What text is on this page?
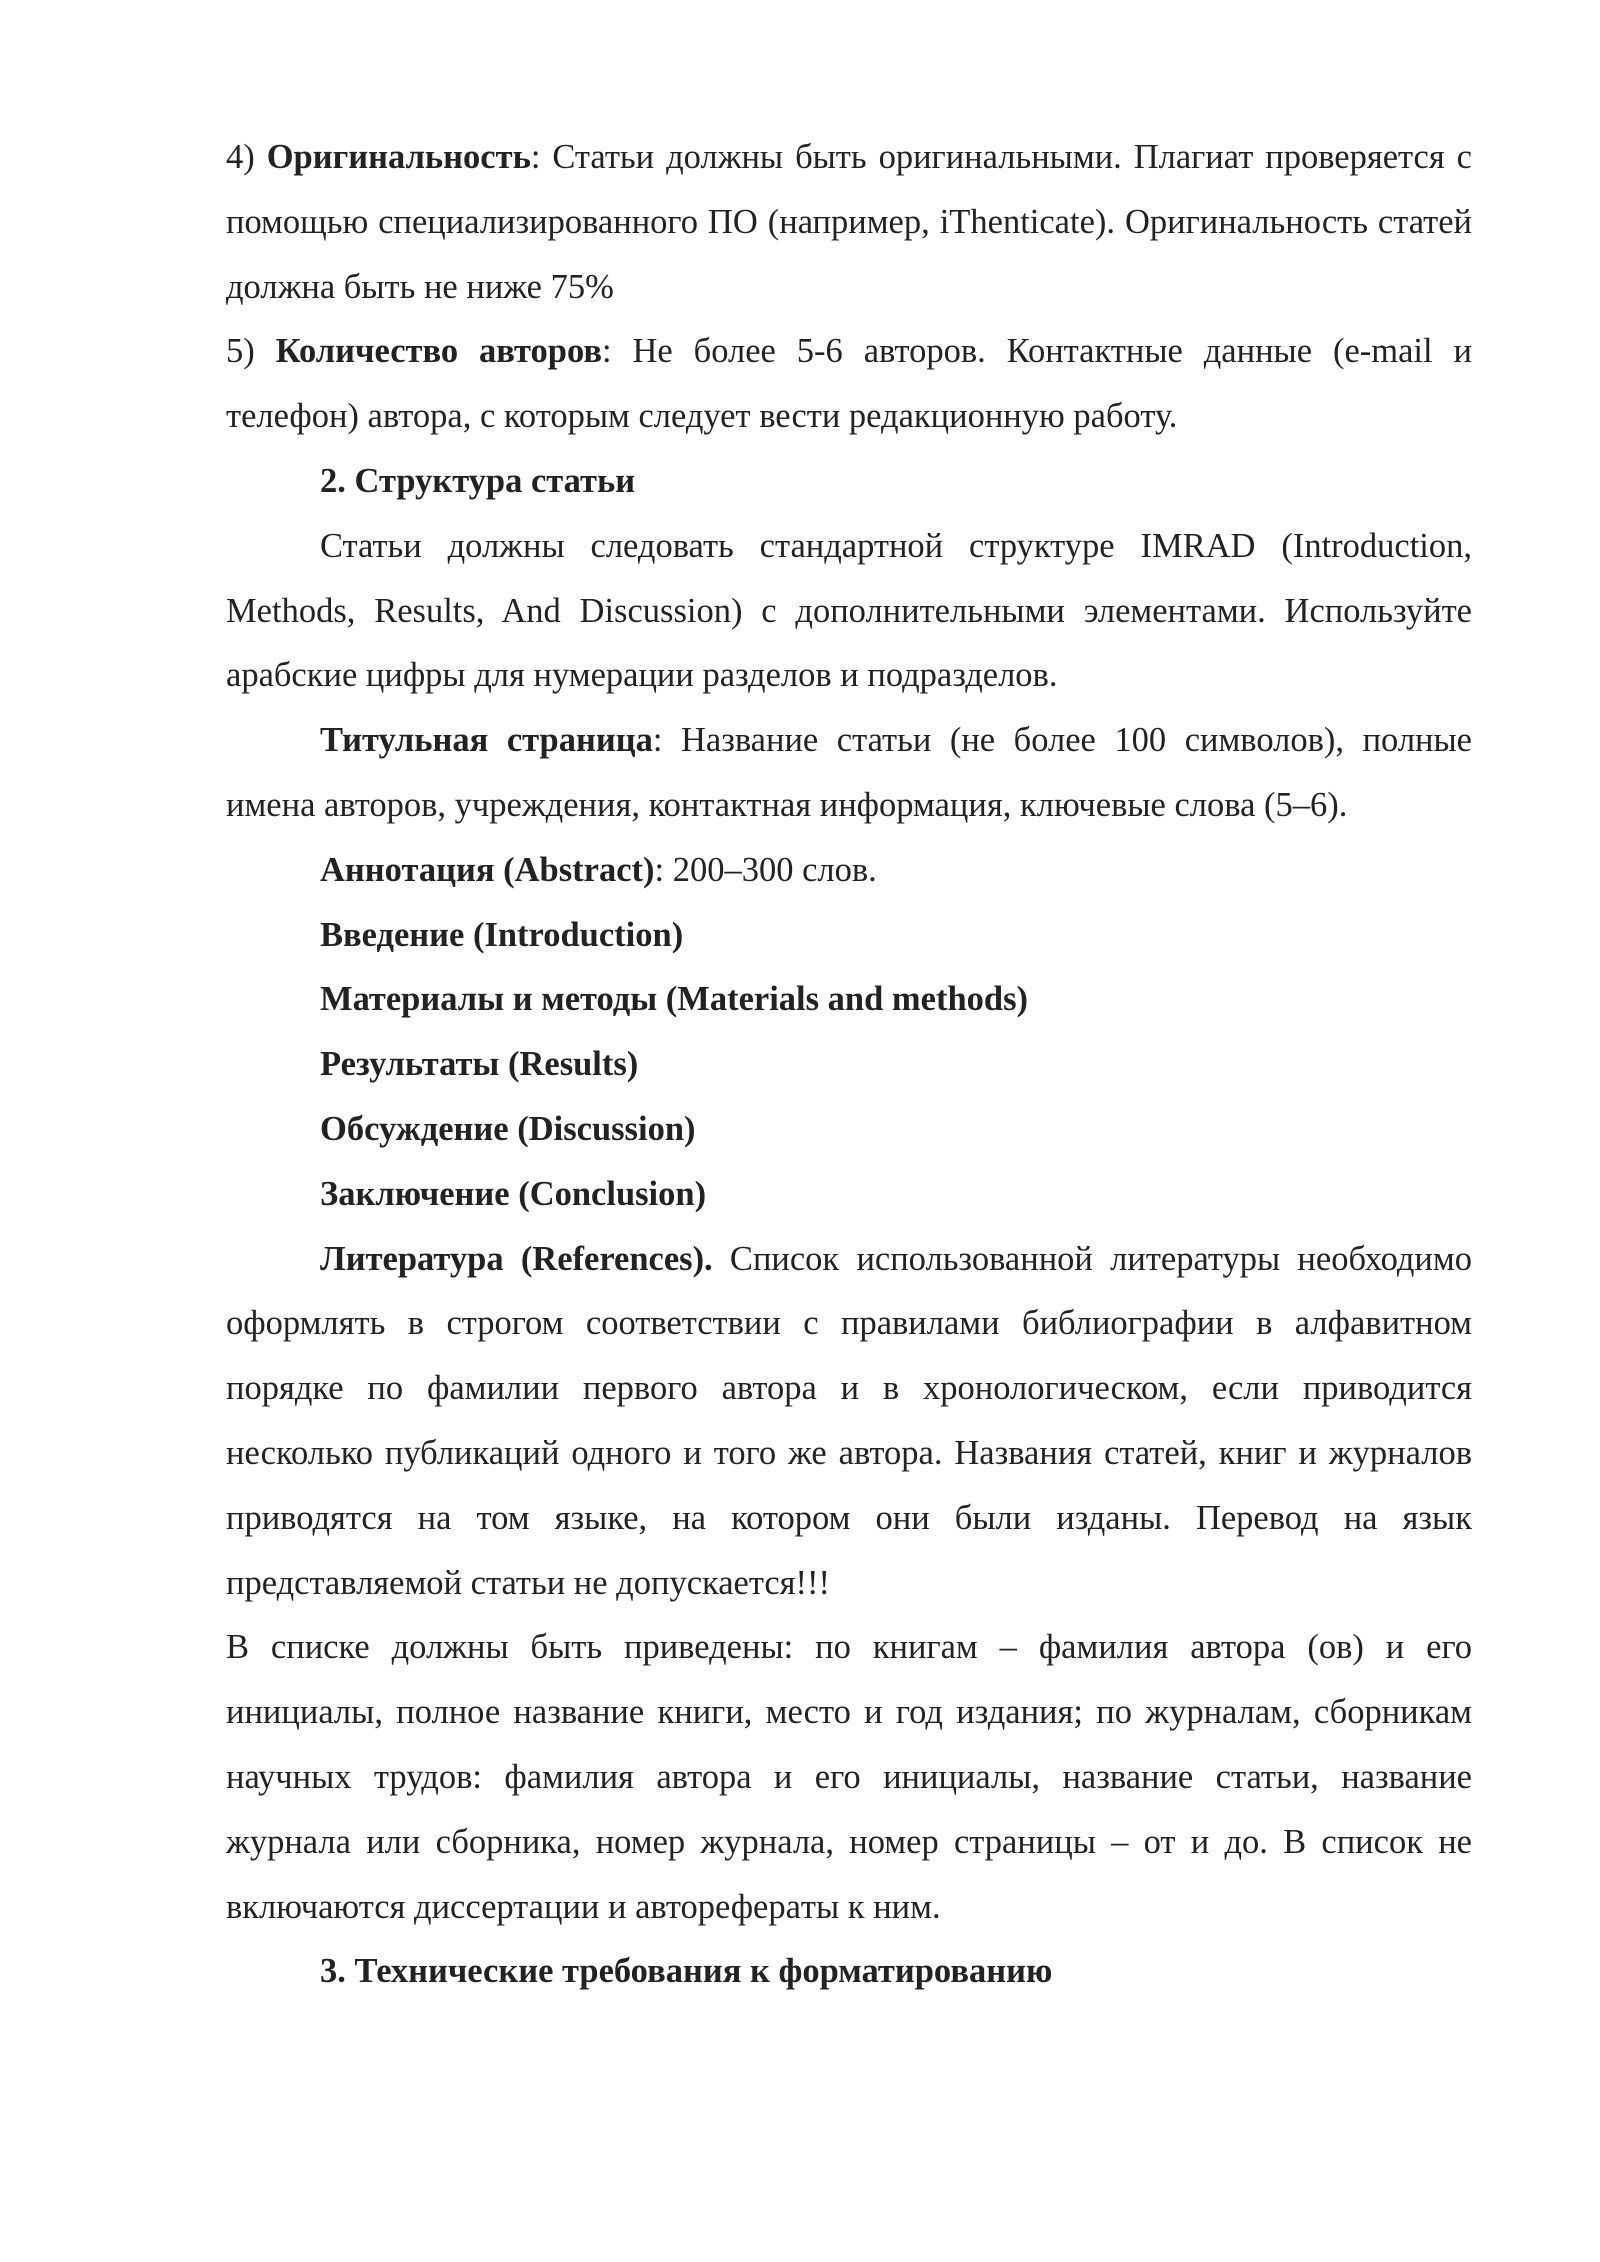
4) Оригинальность: Статьи должны быть оригинальными. Плагиат проверяется с помощью специализированного ПО (например, iThenticate). Оригинальность статей должна быть не ниже 75%

5) Количество авторов: Не более 5-6 авторов. Контактные данные (e-mail и телефон) автора, с которым следует вести редакционную работу.

2. Структура статьи

Статьи должны следовать стандартной структуре IMRAD (Introduction, Methods, Results, And Discussion) с дополнительными элементами. Используйте арабские цифры для нумерации разделов и подразделов.

Титульная страница: Название статьи (не более 100 символов), полные имена авторов, учреждения, контактная информация, ключевые слова (5–6).

Аннотация (Abstract): 200–300 слов.

Введение (Introduction)

Материалы и методы (Materials and methods)

Результаты (Results)

Обсуждение (Discussion)

Заключение (Conclusion)

Литература (References). Список использованной литературы необходимо оформлять в строгом соответствии с правилами библиографии в алфавитном порядке по фамилии первого автора и в хронологическом, если приводится несколько публикаций одного и того же автора. Названия статей, книг и журналов приводятся на том языке, на котором они были изданы. Перевод на язык представляемой статьи не допускается!!!

В списке должны быть приведены: по книгам – фамилия автора (ов) и его инициалы, полное название книги, место и год издания; по журналам, сборникам научных трудов: фамилия автора и его инициалы, название статьи, название журнала или сборника, номер журнала, номер страницы – от и до. В список не включаются диссертации и автореферaты к ним.

3. Технические требования к форматированию
